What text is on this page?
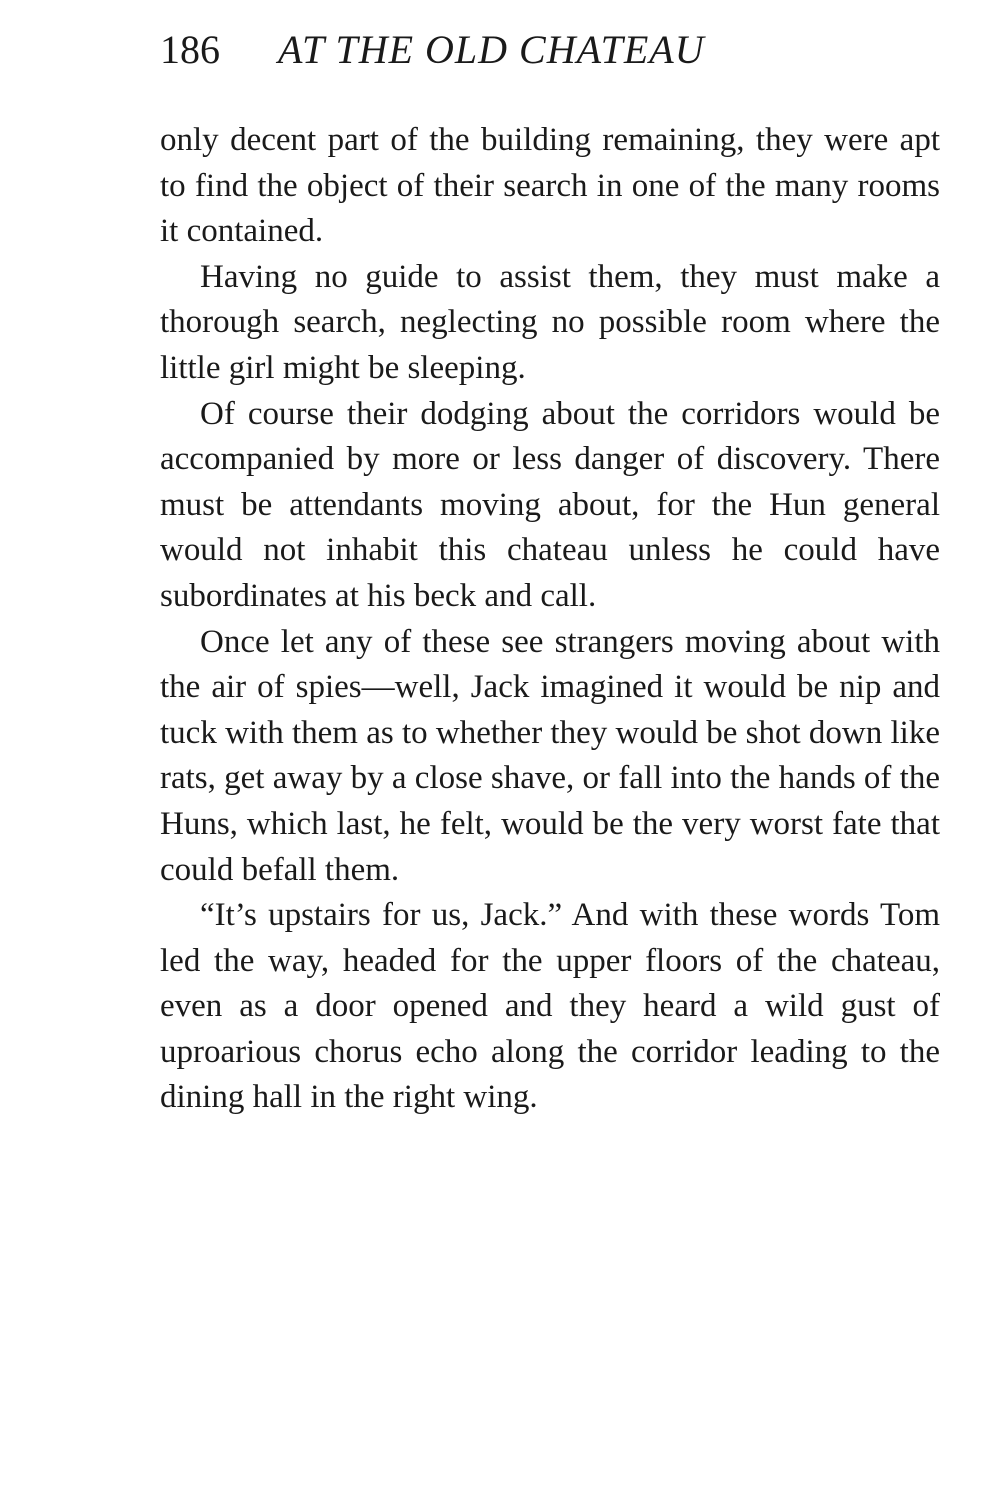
186 AT THE OLD CHATEAU

only decent part of the building remaining, they were apt to find the object of their search in one of the many rooms it contained.

Having no guide to assist them, they must make a thorough search, neglecting no possible room where the little girl might be sleeping.

Of course their dodging about the corridors would be accompanied by more or less danger of discovery. There must be attendants moving about, for the Hun general would not inhabit this chateau unless he could have subordinates at his beck and call.

Once let any of these see strangers moving about with the air of spies—well, Jack imagined it would be nip and tuck with them as to whether they would be shot down like rats, get away by a close shave, or fall into the hands of the Huns, which last, he felt, would be the very worst fate that could befall them.

“It’s upstairs for us, Jack.” And with these words Tom led the way, headed for the upper floors of the chateau, even as a door opened and they heard a wild gust of uproarious chorus echo along the corridor leading to the dining hall in the right wing.
